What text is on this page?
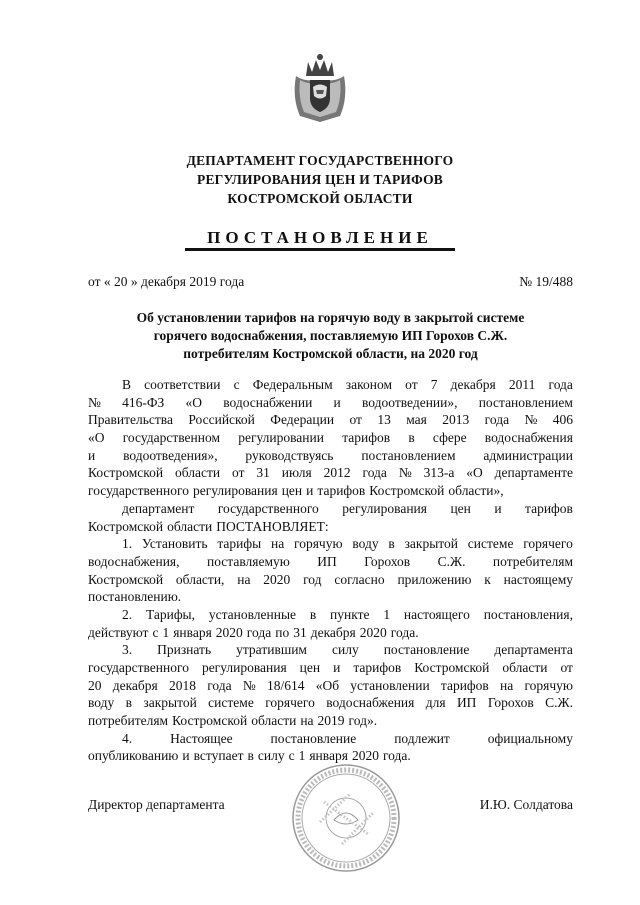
ДЕПАРТАМЕНТ ГОСУДАРСТВЕННОГО
РЕГУЛИРОВАНИЯ ЦЕН И ТАРИФОВ
КОСТРОМСКОЙ ОБЛАСТИ
ПОСТАНОВЛЕНИЕ
от « 20 » декабря 2019 года	№ 19/488
Об установлении тарифов на горячую воду в закрытой системе
горячего водоснабжения, поставляемую ИП Горохов С.Ж.
потребителям Костромской области, на 2020 год
В соответствии с Федеральным законом от 7 декабря 2011 года
№ 416-ФЗ «О водоснабжении и водоотведении», постановлением
Правительства Российской Федерации от 13 мая 2013 года № 406
«О государственном регулировании тарифов в сфере водоснабжения
и водоотведения», руководствуясь постановлением администрации
Костромской области от 31 июля 2012 года № 313-а «О департаменте
государственного регулирования цен и тарифов Костромской области»,
департамент государственного регулирования цен и тарифов
Костромской области ПОСТАНОВЛЯЕТ:
1. Установить тарифы на горячую воду в закрытой системе горячего
водоснабжения, поставляемую ИП Горохов С.Ж. потребителям
Костромской области, на 2020 год согласно приложению к настоящему
постановлению.
2. Тарифы, установленные в пункте 1 настоящего постановления,
действуют с 1 января 2020 года по 31 декабря 2020 года.
3. Признать утратившим силу постановление департамента
государственного регулирования цен и тарифов Костромской области от
20 декабря 2018 года № 18/614 «Об установлении тарифов на горячую
воду в закрытой системе горячего водоснабжения для ИП Горохов С.Ж.
потребителям Костромской области на 2019 год».
4.	Настоящее	постановление	подлежит	официальному
опубликованию и вступает в силу с 1 января 2020 года.
Директор департамента	И.Ю. Солдатова
